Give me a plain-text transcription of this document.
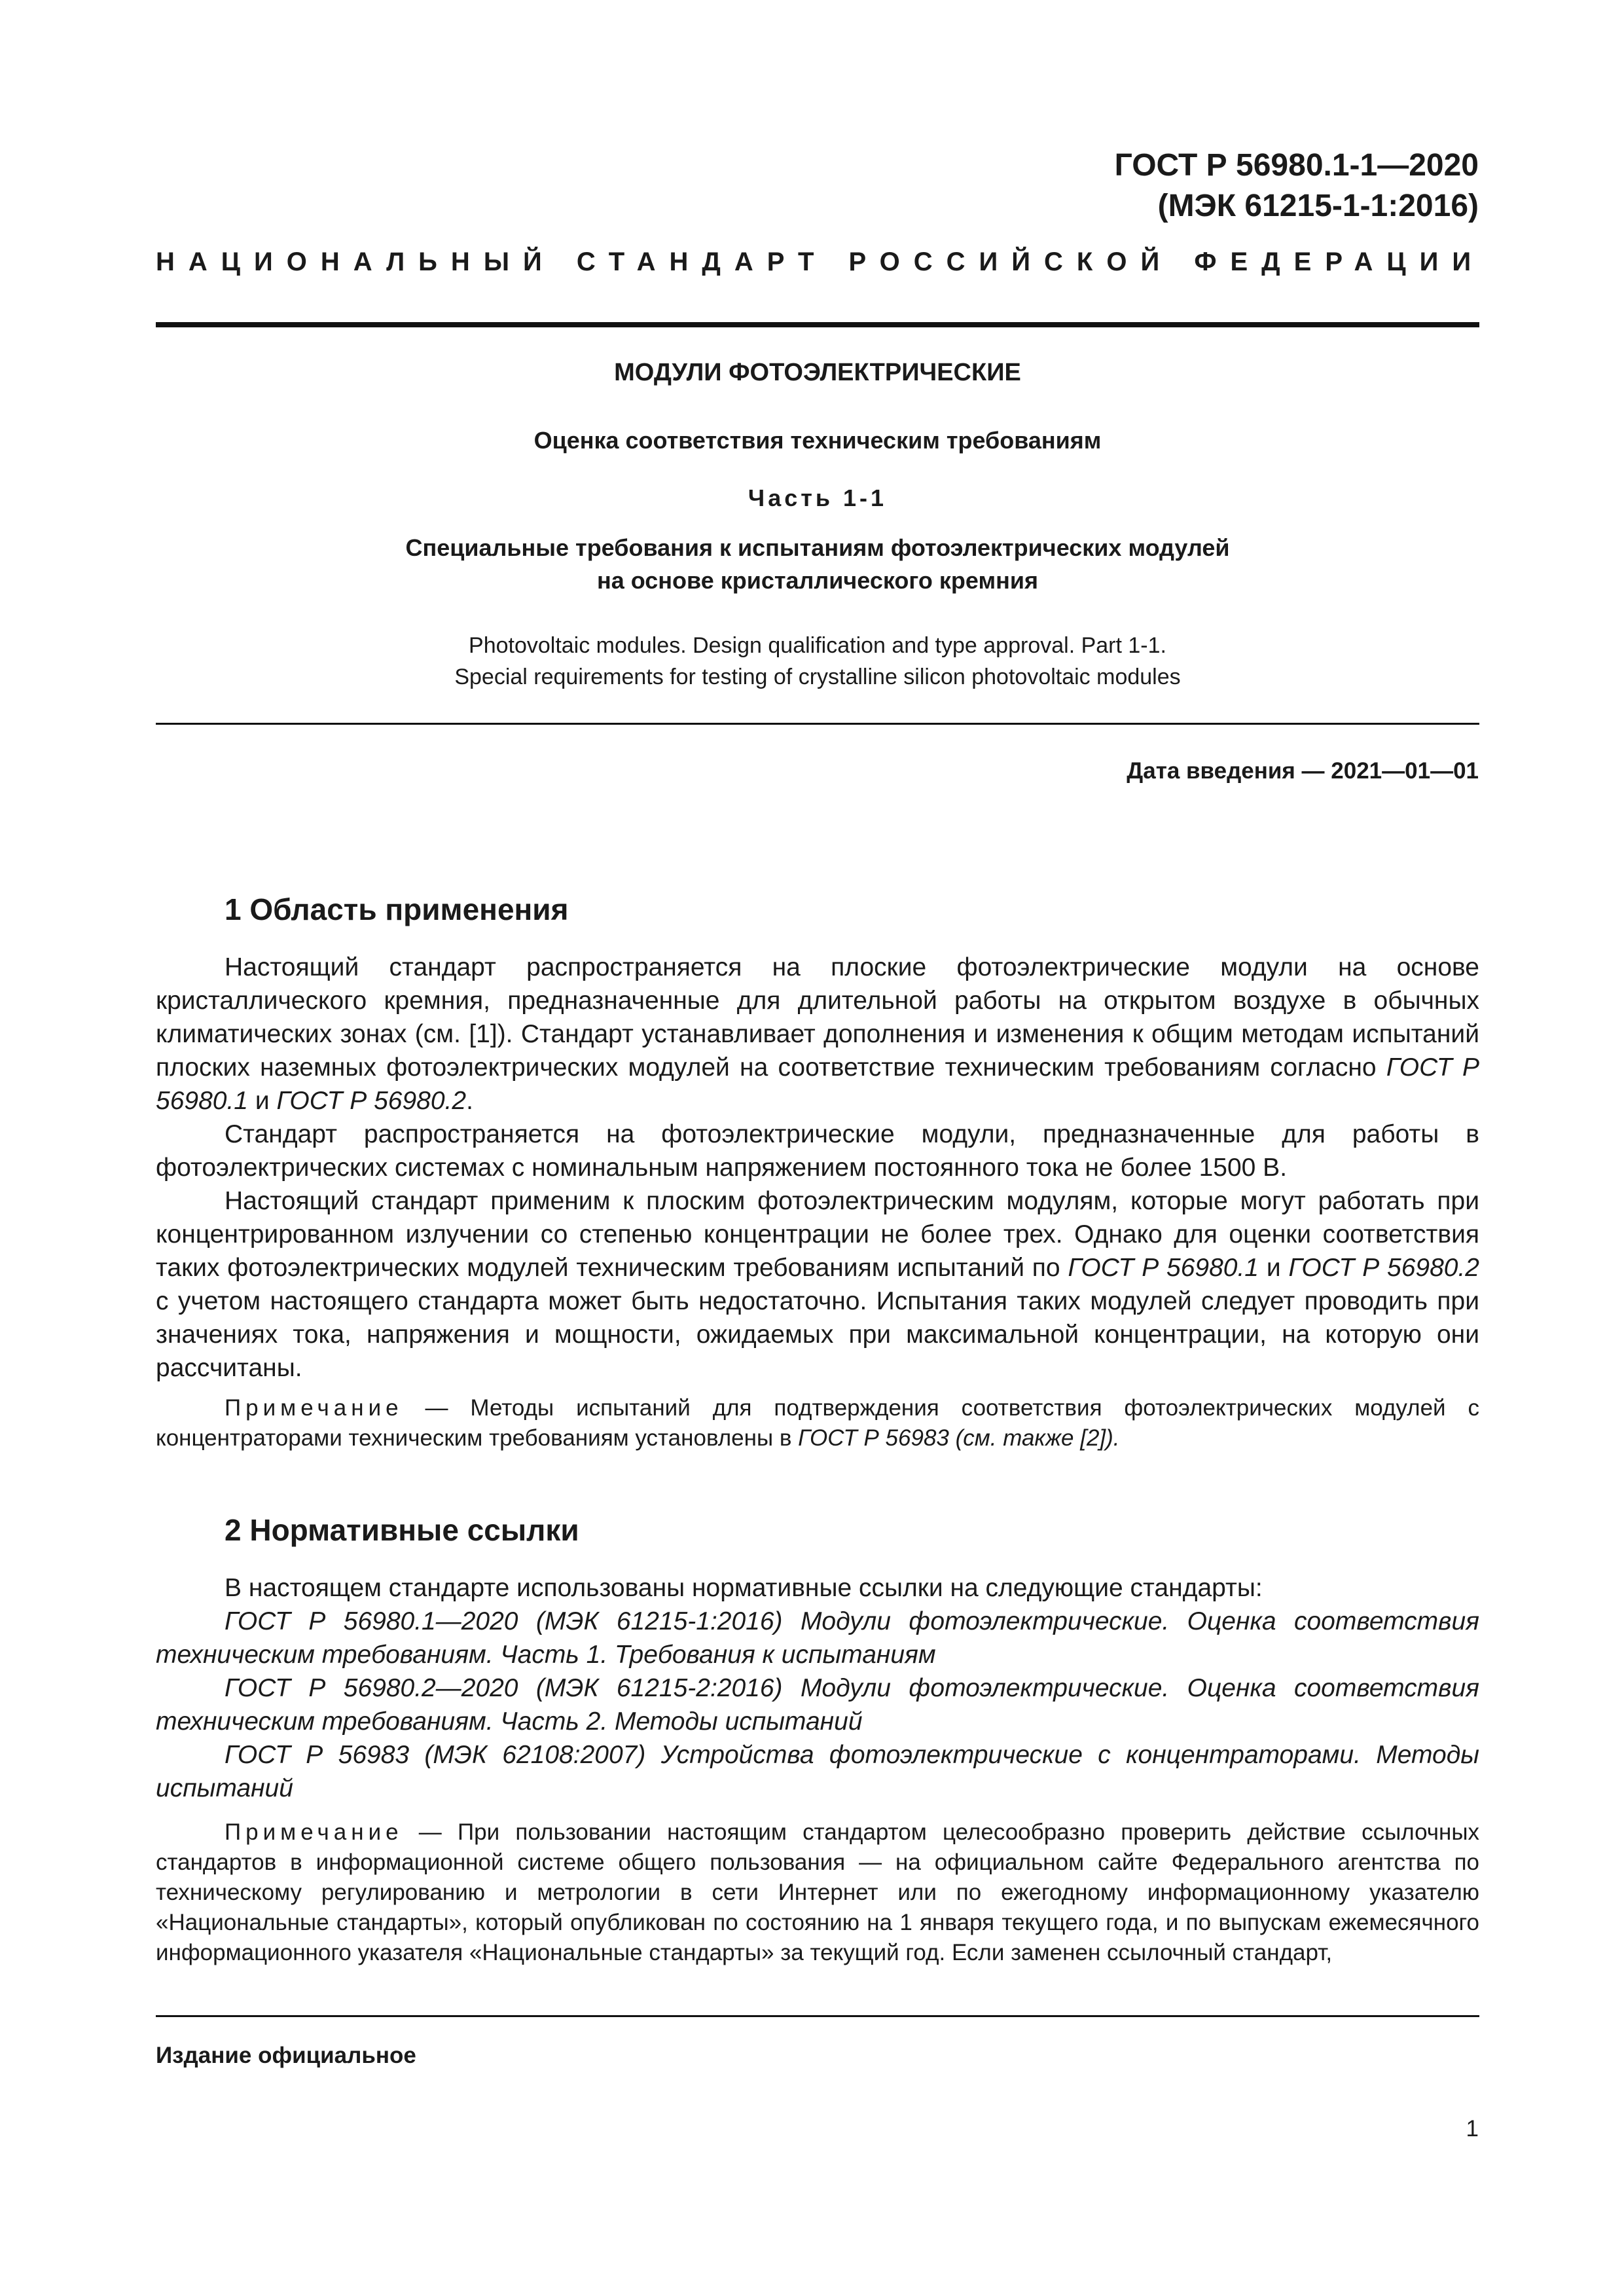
ГОСТ Р 56980.1-1—2020
(МЭК 61215-1-1:2016)
НАЦИОНАЛЬНЫЙ СТАНДАРТ РОССИЙСКОЙ ФЕДЕРАЦИИ
МОДУЛИ ФОТОЭЛЕКТРИЧЕСКИЕ
Оценка соответствия техническим требованиям
Часть 1-1
Специальные требования к испытаниям фотоэлектрических модулей
на основе кристаллического кремния
Photovoltaic modules. Design qualification and type approval. Part 1-1.
Special requirements for testing of crystalline silicon photovoltaic modules
Дата введения — 2021—01—01
1 Область применения

Настоящий стандарт распространяется на плоские фотоэлектрические модули на основе кристаллического кремния, предназначенные для длительной работы на открытом воздухе в обычных климатических зонах (см. [1]). Стандарт устанавливает дополнения и изменения к общим методам испытаний плоских наземных фотоэлектрических модулей на соответствие техническим требованиям согласно ГОСТ Р 56980.1 и ГОСТ Р 56980.2.

Стандарт распространяется на фотоэлектрические модули, предназначенные для работы в фотоэлектрических системах с номинальным напряжением постоянного тока не более 1500 В.

Настоящий стандарт применим к плоским фотоэлектрическим модулям, которые могут работать при концентрированном излучении со степенью концентрации не более трех. Однако для оценки соответствия таких фотоэлектрических модулей техническим требованиям испытаний по ГОСТ Р 56980.1 и ГОСТ Р 56980.2 с учетом настоящего стандарта может быть недостаточно. Испытания таких модулей следует проводить при значениях тока, напряжения и мощности, ожидаемых при максимальной концентрации, на которую они рассчитаны.

Примечание — Методы испытаний для подтверждения соответствия фотоэлектрических модулей с концентраторами техническим требованиям установлены в ГОСТ Р 56983 (см. также [2]).

2 Нормативные ссылки

В настоящем стандарте использованы нормативные ссылки на следующие стандарты:

ГОСТ Р 56980.1—2020 (МЭК 61215-1:2016) Модули фотоэлектрические. Оценка соответствия техническим требованиям. Часть 1. Требования к испытаниям

ГОСТ Р 56980.2—2020 (МЭК 61215-2:2016) Модули фотоэлектрические. Оценка соответствия техническим требованиям. Часть 2. Методы испытаний

ГОСТ Р 56983 (МЭК 62108:2007) Устройства фотоэлектрические с концентраторами. Методы испытаний

Примечание — При пользовании настоящим стандартом целесообразно проверить действие ссылочных стандартов в информационной системе общего пользования — на официальном сайте Федерального агентства по техническому регулированию и метрологии в сети Интернет или по ежегодному информационному указателю «Национальные стандарты», который опубликован по состоянию на 1 января текущего года, и по выпускам ежемесячного информационного указателя «Национальные стандарты» за текущий год. Если заменен ссылочный стандарт,

Издание официальное
1
